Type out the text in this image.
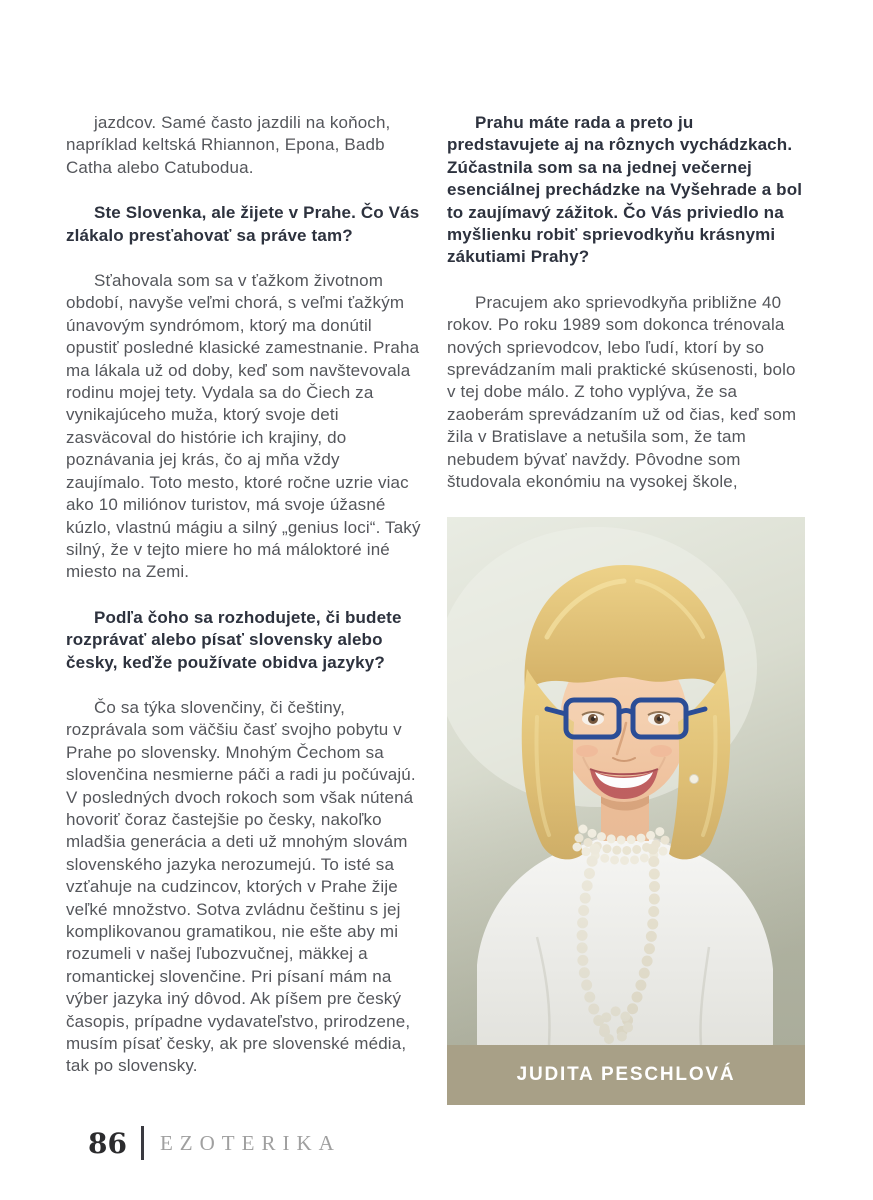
jazdcov. Samé často jazdili na koňoch, napríklad keltská Rhiannon, Epona, Badb Catha alebo Catubodua.

Ste Slovenka, ale žijete v Prahe. Čo Vás zlákalo presťahovať sa práve tam?

Sťahovala som sa v ťažkom životnom období, navyše veľmi chorá, s veľmi ťažkým únavovým syndrómom, ktorý ma donútil opustiť posledné klasické zamestnanie. Praha ma lákala už od doby, keď som navštevovala rodinu mojej tety. Vydala sa do Čiech za vynikajúceho muža, ktorý svoje deti zasväcoval do histórie ich krajiny, do poznávania jej krás, čo aj mňa vždy zaujímalo. Toto mesto, ktoré ročne uzrie viac ako 10 miliónov turistov, má svoje úžasné kúzlo, vlastnú mágiu a silný „genius loci“. Taký silný, že v tejto miere ho má máloktoré iné miesto na Zemi.

Podľa čoho sa rozhodujete, či budete rozprávať alebo písať slovensky alebo česky, keďže používate obidva jazyky?

Čo sa týka slovenčiny, či češtiny, rozprávala som väčšiu časť svojho pobytu v Prahe po slovensky. Mnohým Čechom sa slovenčina nesmierne páči a radi ju počúvajú. V posledných dvoch rokoch som však nútená hovoriť čoraz častejšie po česky, nakoľko mladšia generácia a deti už mnohým slovám slovenského jazyka nerozumejú. To isté sa vzťahuje na cudzincov, ktorých v Prahe žije veľké množstvo. Sotva zvládnu češtinu s jej komplikovanou gramatikou, nie ešte aby mi rozumeli v našej ľubozvučnej, mäkkej a romantickej slovenčine. Pri písaní mám na výber jazyka iný dôvod. Ak píšem pre český časopis, prípadne vydavateľstvo, prirodzene, musím písať česky, ak pre slovenské média, tak po slovensky.

Prahu máte rada a preto ju predstavujete aj na rôznych vychádzkach. Zúčastnila som sa na jednej večernej esenciálnej prechádzke na Vyšehrade a bol to zaujímavý zážitok. Čo Vás priviedlo na myšlienku robiť sprievodkyňu krásnymi zákutiami Prahy?

Pracujem ako sprievodkyňa približne 40 rokov. Po roku 1989 som dokonca trénovala nových sprievodcov, lebo ľudí, ktorí by so sprevádzaním mali praktické skúsenosti, bolo v tej dobe málo. Z toho vyplýva, že sa zaoberám sprevádzaním už od čias, keď som žila v Bratislave a netušila som, že tam nebudem bývať navždy. Pôvodne som študovala ekonómiu na vysokej škole,

JUDITA PESCHLOVÁ
86 EZOTERIKA
